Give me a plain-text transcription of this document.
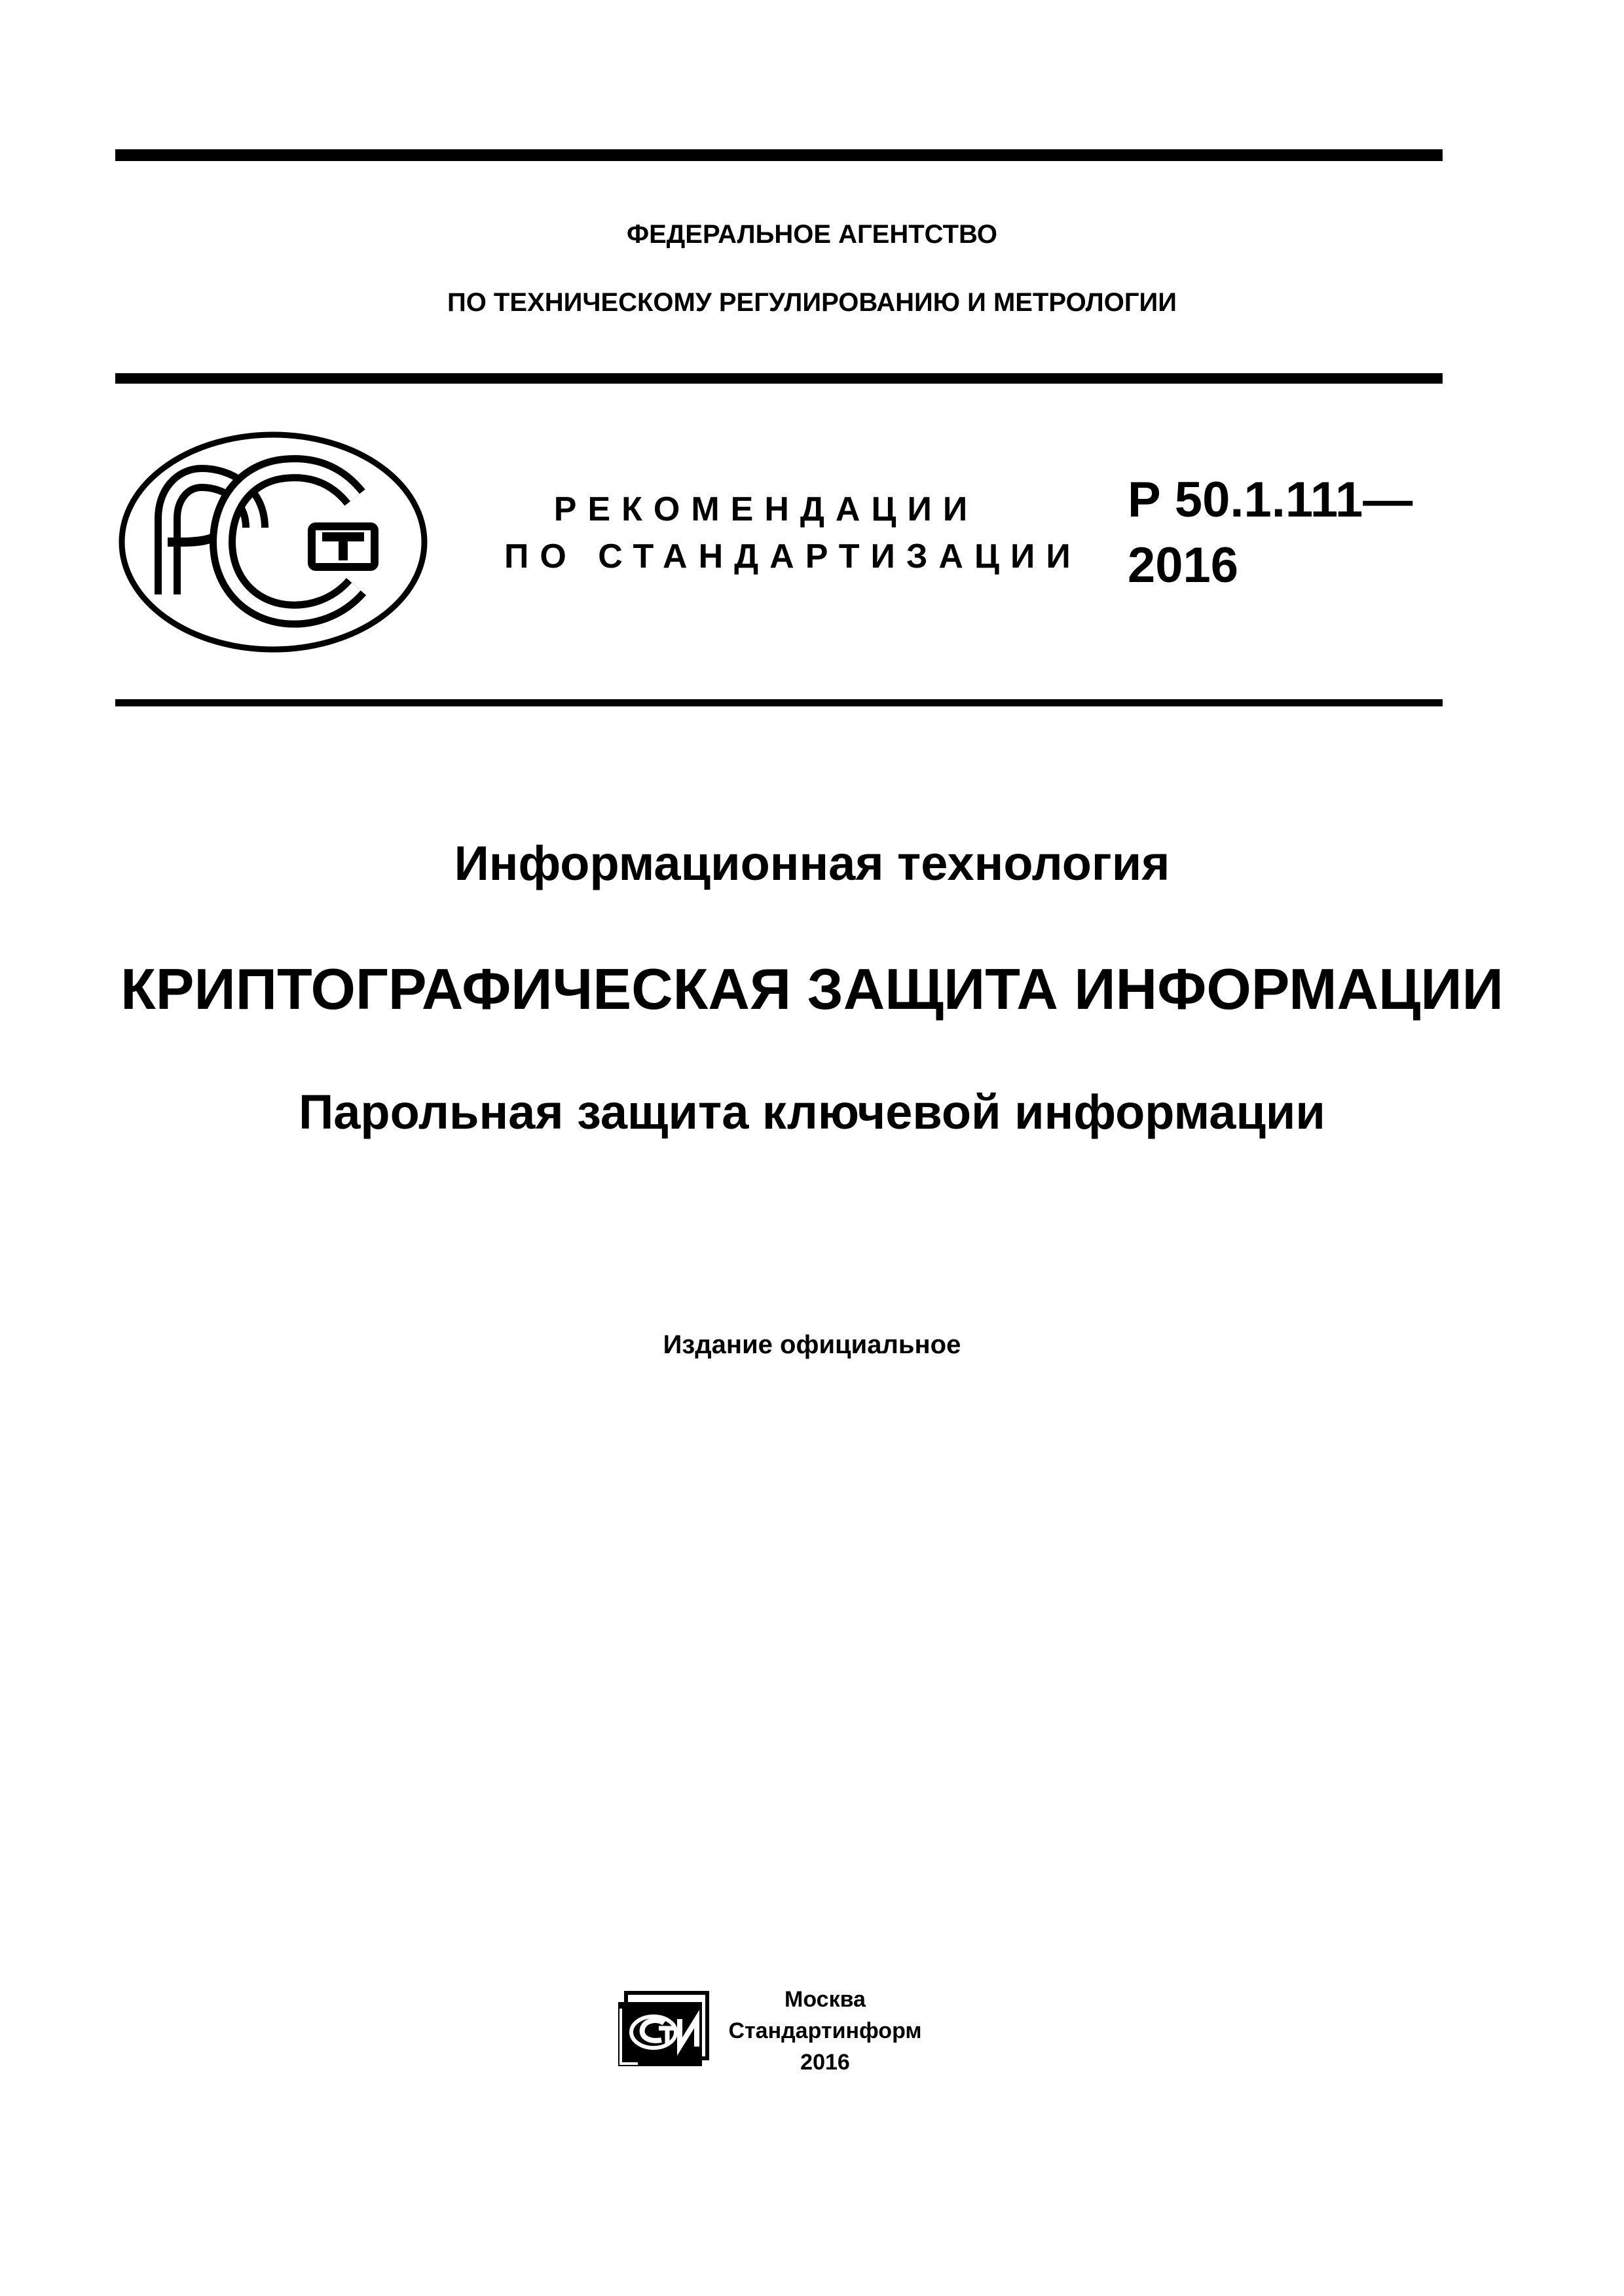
ФЕДЕРАЛЬНОЕ АГЕНТСТВО
ПО ТЕХНИЧЕСКОМУ РЕГУЛИРОВАНИЮ И МЕТРОЛОГИИ
РЕКОМЕНДАЦИИ
ПО СТАНДАРТИЗАЦИИ
Р 50.1.111—
2016
Информационная технология
КРИПТОГРАФИЧЕСКАЯ ЗАЩИТА ИНФОРМАЦИИ
Парольная защита ключевой информации
Издание официальное
Москва
Стандартинформ
2016
